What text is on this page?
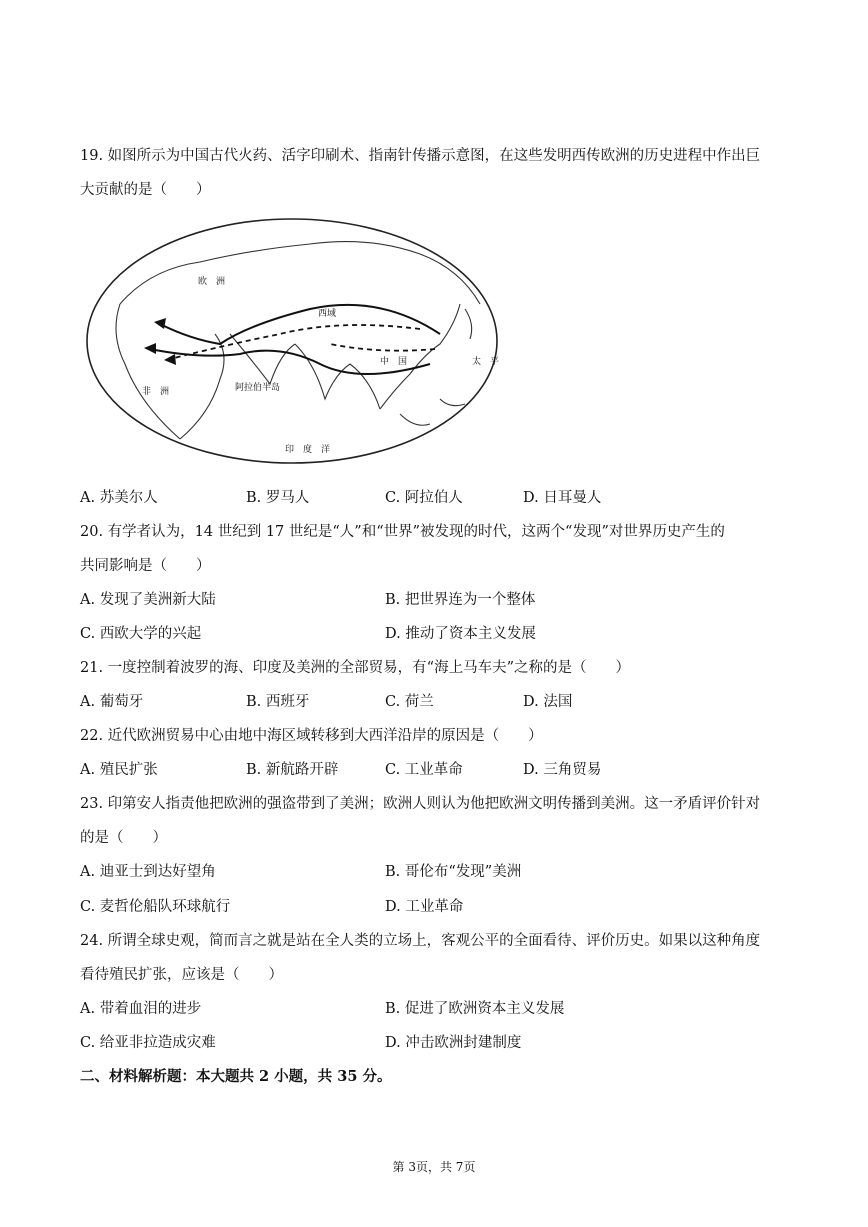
19. 如图所示为中国古代火药、活字印刷术、指南针传播示意图，在这些发明西传欧洲的历史进程中作出巨
大贡献的是（　　）
欧　洲
西域
阿拉伯半岛
中　国
非　洲
太　平
印　度　洋
A. 苏美尔人	B. 罗马人	C. 阿拉伯人	D. 日耳曼人
20. 有学者认为，14 世纪到 17 世纪是“人”和“世界”被发现的时代，这两个“发现”对世界历史产生的
共同影响是（　　）
A. 发现了美洲新大陆	B. 把世界连为一个整体
C. 西欧大学的兴起	D. 推动了资本主义发展
21. 一度控制着波罗的海、印度及美洲的全部贸易，有“海上马车夫”之称的是（　　）
A. 葡萄牙	B. 西班牙	C. 荷兰	D. 法国
22. 近代欧洲贸易中心由地中海区域转移到大西洋沿岸的原因是（　　）
A. 殖民扩张	B. 新航路开辟	C. 工业革命	D. 三角贸易
23. 印第安人指责他把欧洲的强盗带到了美洲；欧洲人则认为他把欧洲文明传播到美洲。这一矛盾评价针对
的是（　　）
A. 迪亚士到达好望角	B. 哥伦布“发现”美洲
C. 麦哲伦船队环球航行	D. 工业革命
24. 所谓全球史观，简而言之就是站在全人类的立场上，客观公平的全面看待、评价历史。如果以这种角度
看待殖民扩张，应该是（　　）
A. 带着血泪的进步	B. 促进了欧洲资本主义发展
C. 给亚非拉造成灾难	D. 冲击欧洲封建制度
二、材料解析题：本大题共 2 小题，共 35 分。
第 3页，共 7页
